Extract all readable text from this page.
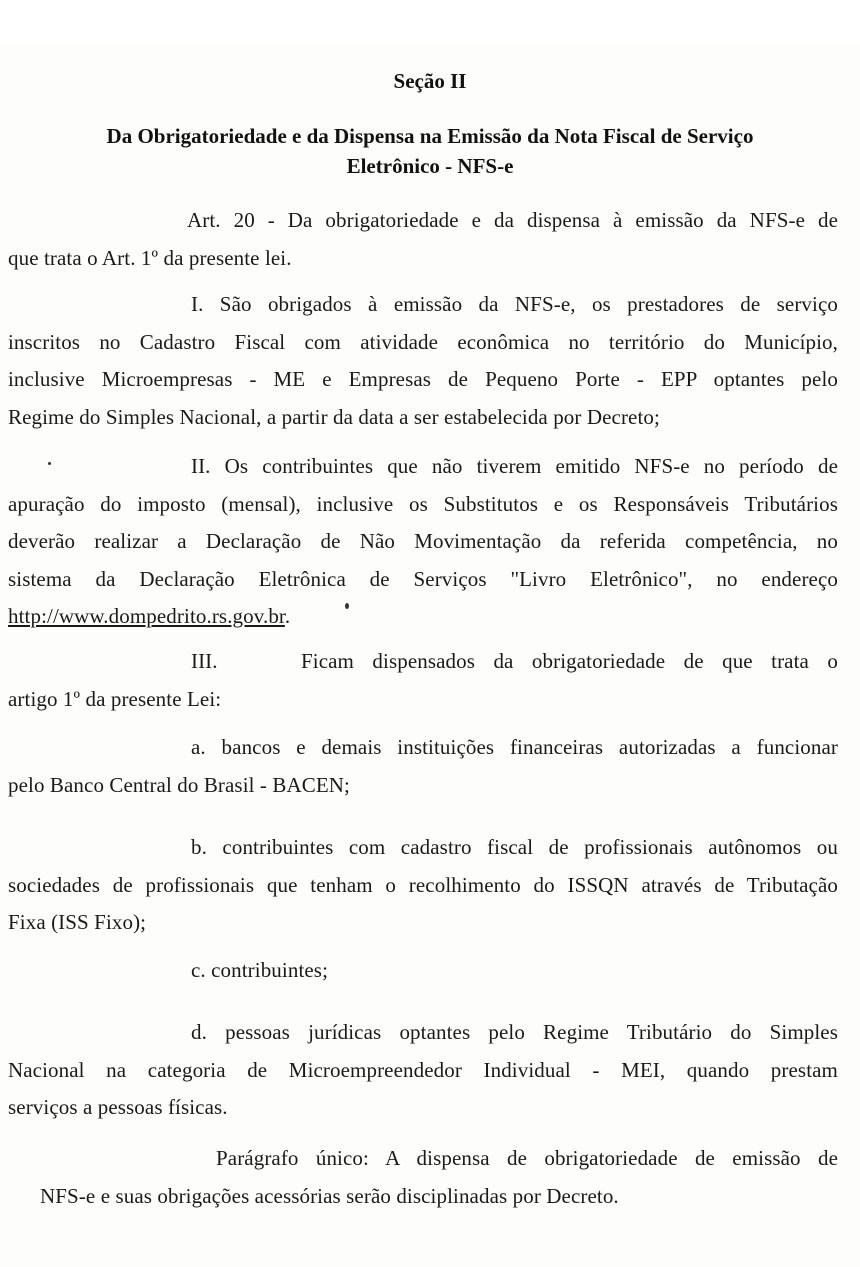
Seção II
Da Obrigatoriedade e da Dispensa na Emissão da Nota Fiscal de Serviço
Eletrônico - NFS-e
Art. 20 - Da obrigatoriedade e da dispensa à emissão da NFS-e de
que trata o Art. 1º da presente lei.
I. São obrigados à emissão da NFS-e, os prestadores de serviço
inscritos no Cadastro Fiscal com atividade econômica no território do Município,
inclusive Microempresas - ME e Empresas de Pequeno Porte - EPP optantes pelo
Regime do Simples Nacional, a partir da data a ser estabelecida por Decreto;
II. Os contribuintes que não tiverem emitido NFS-e no período de
apuração do imposto (mensal), inclusive os Substitutos e os Responsáveis Tributários
deverão realizar a Declaração de Não Movimentação da referida competência, no
sistema da Declaração Eletrônica de Serviços "Livro Eletrônico", no endereço
http://www.dompedrito.rs.gov.br.
III.	Ficam dispensados da obrigatoriedade de que trata o
artigo 1º da presente Lei:
a. bancos e demais instituições financeiras autorizadas a funcionar
pelo Banco Central do Brasil - BACEN;
b. contribuintes com cadastro fiscal de profissionais autônomos ou
sociedades de profissionais que tenham o recolhimento do ISSQN através de Tributação
Fixa (ISS Fixo);
c. contribuintes;
d. pessoas jurídicas optantes pelo Regime Tributário do Simples
Nacional na categoria de Microempreendedor Individual - MEI, quando prestam
serviços a pessoas físicas.
Parágrafo único: A dispensa de obrigatoriedade de emissão de
NFS-e e suas obrigações acessórias serão disciplinadas por Decreto.
